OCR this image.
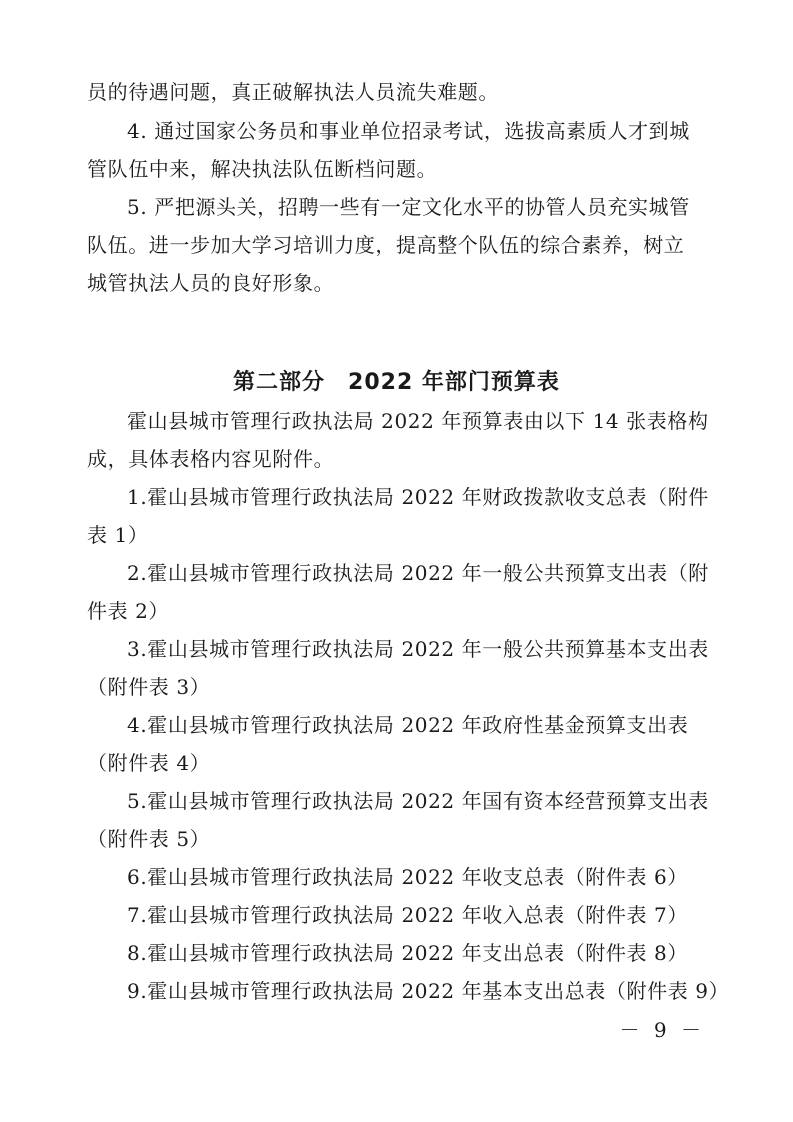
员的待遇问题，真正破解执法人员流失难题。
4. 通过国家公务员和事业单位招录考试，选拔高素质人才到城
管队伍中来，解决执法队伍断档问题。
5. 严把源头关，招聘一些有一定文化水平的协管人员充实城管
队伍。进一步加大学习培训力度，提高整个队伍的综合素养，树立
城管执法人员的良好形象。
第二部分　2022 年部门预算表
霍山县城市管理行政执法局 2022 年预算表由以下 14 张表格构
成，具体表格内容见附件。
1.霍山县城市管理行政执法局 2022 年财政拨款收支总表（附件
表 1）
2.霍山县城市管理行政执法局 2022 年一般公共预算支出表（附
件表 2）
3.霍山县城市管理行政执法局 2022 年一般公共预算基本支出表
（附件表 3）
4.霍山县城市管理行政执法局 2022 年政府性基金预算支出表
（附件表 4）
5.霍山县城市管理行政执法局 2022 年国有资本经营预算支出表
（附件表 5）
6.霍山县城市管理行政执法局 2022 年收支总表（附件表 6）
7.霍山县城市管理行政执法局 2022 年收入总表（附件表 7）
8.霍山县城市管理行政执法局 2022 年支出总表（附件表 8）
9.霍山县城市管理行政执法局 2022 年基本支出总表（附件表 9）
－ 9 －
